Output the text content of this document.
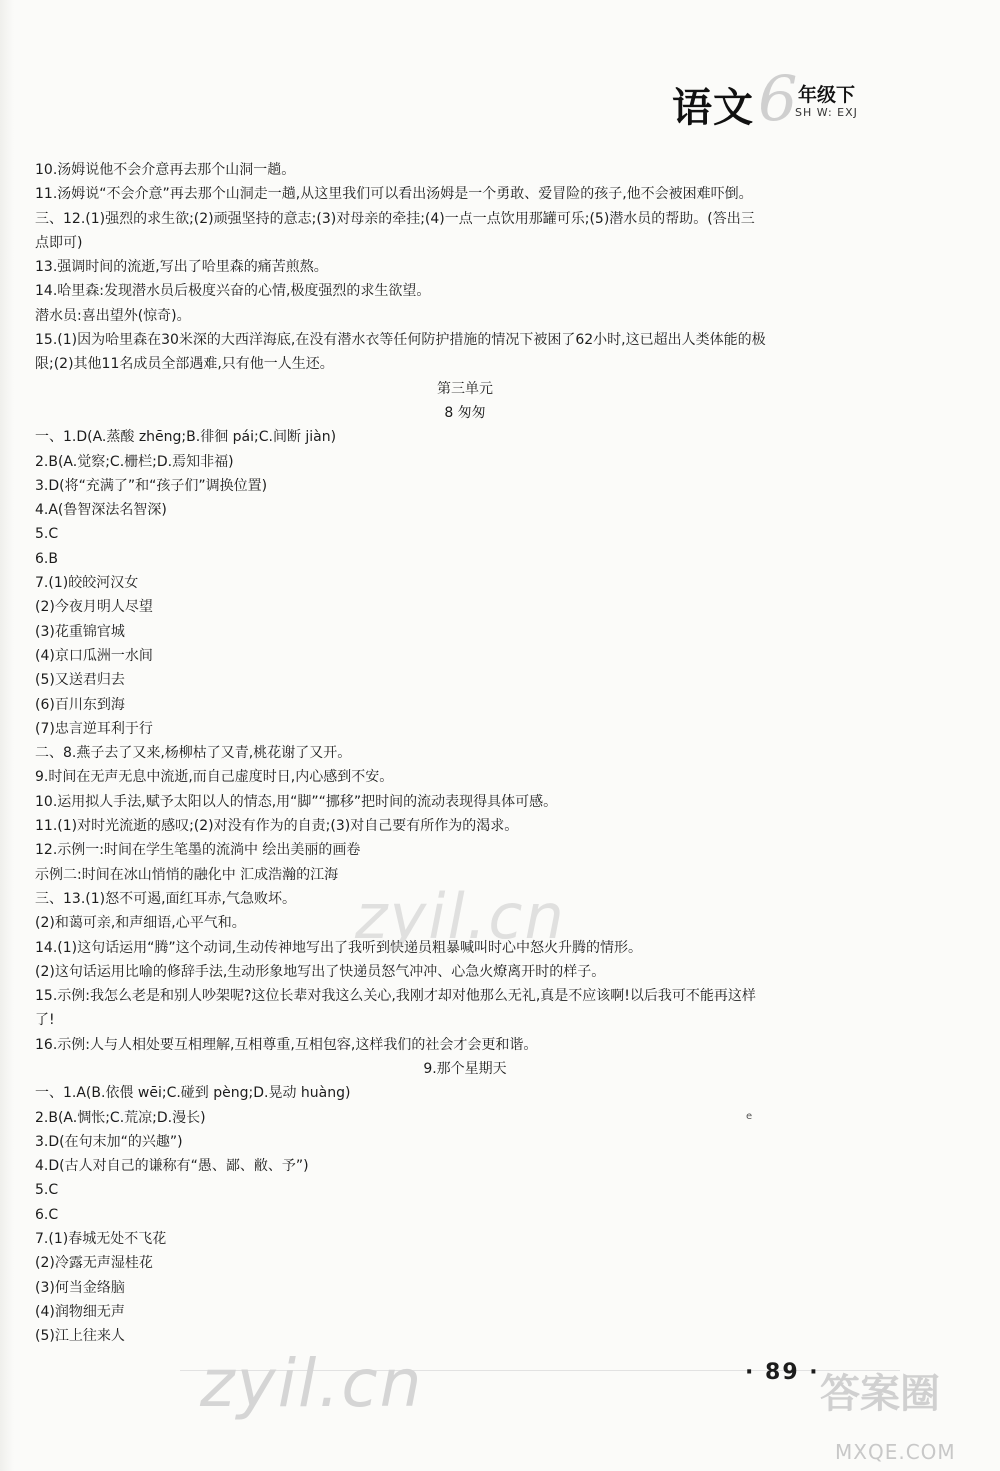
6
语文 年级下
SH W: EXJ
10.汤姆说他不会介意再去那个山洞一趟。
11.汤姆说“不会介意”再去那个山洞走一趟,从这里我们可以看出汤姆是一个勇敢、爱冒险的孩子,他不会被困难吓倒。
三、12.(1)强烈的求生欲;(2)顽强坚持的意志;(3)对母亲的牵挂;(4)一点一点饮用那罐可乐;(5)潜水员的帮助。(答出三
点即可)
13.强调时间的流逝,写出了哈里森的痛苦煎熬。
14.哈里森:发现潜水员后极度兴奋的心情,极度强烈的求生欲望。
潜水员:喜出望外(惊奇)。
15.(1)因为哈里森在30米深的大西洋海底,在没有潜水衣等任何防护措施的情况下被困了62小时,这已超出人类体能的极
限;(2)其他11名成员全部遇难,只有他一人生还。
第三单元
8 匆匆
一、1.D(A.蒸酸 zhēng;B.徘徊 pái;C.间断 jiàn)
2.B(A.觉察;C.栅栏;D.焉知非福)
3.D(将“充满了”和“孩子们”调换位置)
4.A(鲁智深法名智深)
5.C
6.B
7.(1)皎皎河汉女
(2)今夜月明人尽望
(3)花重锦官城
(4)京口瓜洲一水间
(5)又送君归去
(6)百川东到海
(7)忠言逆耳利于行
二、8.燕子去了又来,杨柳枯了又青,桃花谢了又开。
9.时间在无声无息中流逝,而自己虚度时日,内心感到不安。
10.运用拟人手法,赋予太阳以人的情态,用“脚”“挪移”把时间的流动表现得具体可感。
11.(1)对时光流逝的感叹;(2)对没有作为的自责;(3)对自己要有所作为的渴求。
12.示例一:时间在学生笔墨的流淌中 绘出美丽的画卷
示例二:时间在冰山悄悄的融化中 汇成浩瀚的江海
三、13.(1)怒不可遏,面红耳赤,气急败坏。
(2)和蔼可亲,和声细语,心平气和。
14.(1)这句话运用“腾”这个动词,生动传神地写出了我听到快递员粗暴喊叫时心中怒火升腾的情形。
(2)这句话运用比喻的修辞手法,生动形象地写出了快递员怒气冲冲、心急火燎离开时的样子。
15.示例:我怎么老是和别人吵架呢?这位长辈对我这么关心,我刚才却对他那么无礼,真是不应该啊!以后我可不能再这样
了!
16.示例:人与人相处要互相理解,互相尊重,互相包容,这样我们的社会才会更和谐。
9.那个星期天
一、1.A(B.依偎 wēi;C.碰到 pèng;D.晃动 huàng)
2.B(A.惆怅;C.荒凉;D.漫长)
3.D(在句末加“的兴趣”)
4.D(古人对自己的谦称有“愚、鄙、敝、予”)
5.C
6.C
7.(1)春城无处不飞花
(2)冷露无声湿桂花
(3)何当金络脑
(4)润物细无声
(5)江上往来人
zyil.cn
e
zyil.cn	· 89 · 答案圈
MXQE.COM
